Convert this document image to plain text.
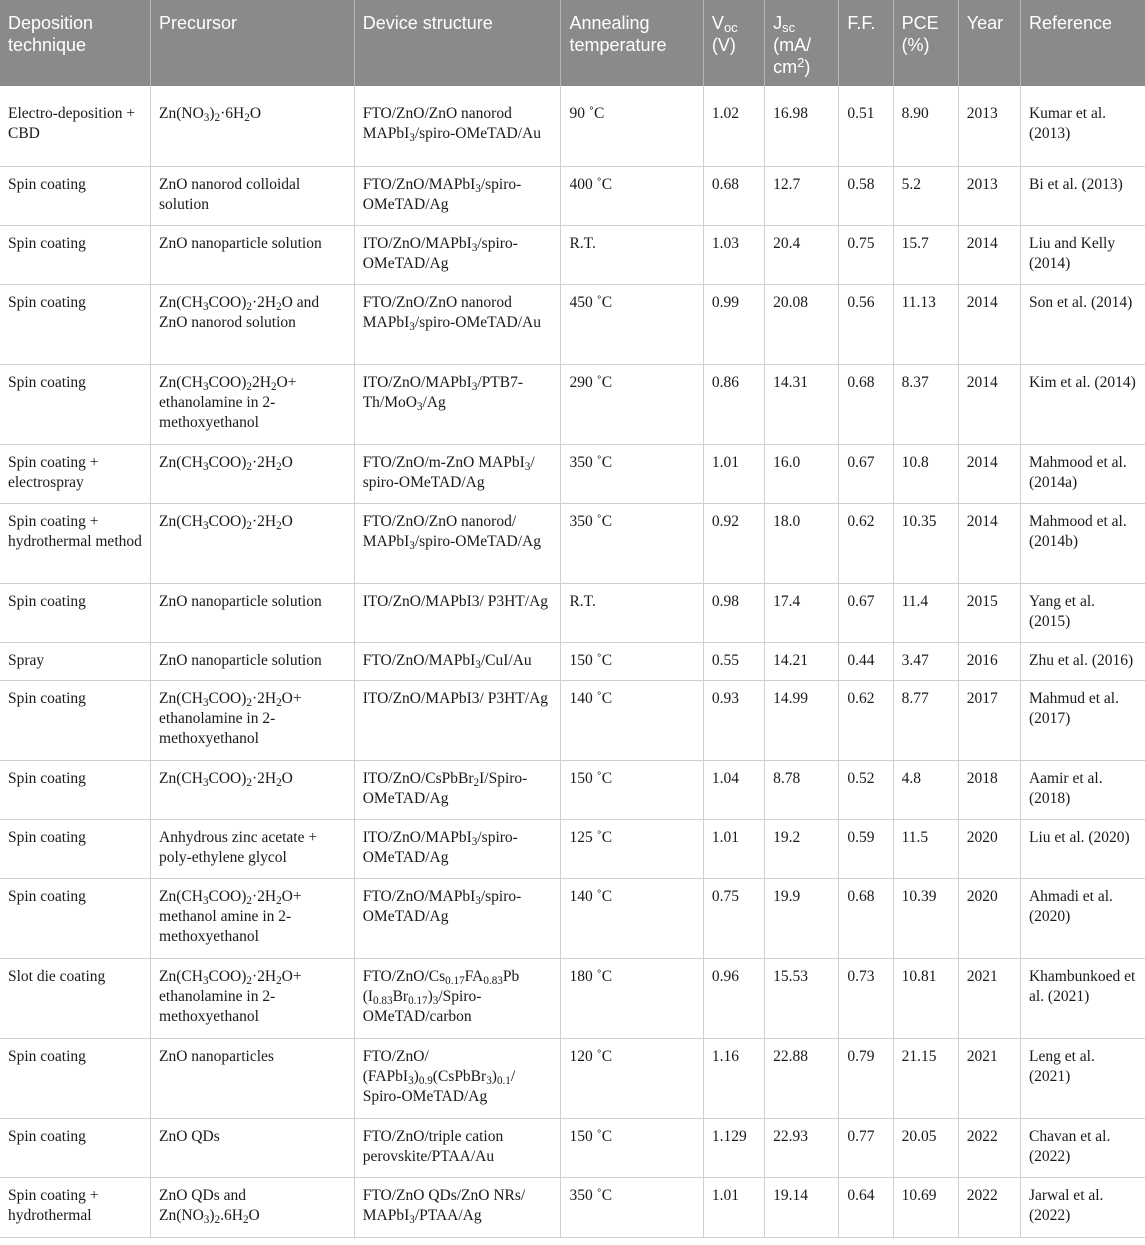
Deposition technique	Precursor	Device structure	Annealing temperature	$V_{oc}$ (V)	$J_{sc}$ (mA/ $cm^2$)	F.F.	PCE (%)	Year	Reference
Electro-deposition + CBD	$Zn(NO_3)_2\cdot 6H_2O$	FTO/ZnO/ZnO nanorod MAPbI$_3$/spiro-OMeTAD/Au	90 ˚C	1.02	16.98	0.51	8.90	2013	Kumar et al. (2013)
Spin coating	ZnO nanorod colloidal solution	FTO/ZnO/MAPbI$_3$/spiro-OMeTAD/Ag	400 ˚C	0.68	12.7	0.58	5.2	2013	Bi et al. (2013)
Spin coating	ZnO nanoparticle solution	ITO/ZnO/MAPbI$_3$/spiro-OMeTAD/Ag	R.T.	1.03	20.4	0.75	15.7	2014	Liu and Kelly (2014)
Spin coating	$Zn(CH_3COO)_2\cdot 2H_2O$ and ZnO nanorod solution	FTO/ZnO/ZnO nanorod MAPbI$_3$/spiro-OMeTAD/Au	450 ˚C	0.99	20.08	0.56	11.13	2014	Son et al. (2014)
Spin coating	$Zn(CH_3COO)_22H_2O+$ ethanolamine in 2-methoxyethanol	ITO/ZnO/MAPbI$_3$/PTB7-Th/MoO$_3$/Ag	290 ˚C	0.86	14.31	0.68	8.37	2014	Kim et al. (2014)
Spin coating + electrospray	$Zn(CH_3COO)_2\cdot 2H_2O$	FTO/ZnO/m-ZnO MAPbI$_3$/ spiro-OMeTAD/Ag	350 ˚C	1.01	16.0	0.67	10.8	2014	Mahmood et al. (2014a)
Spin coating + hydrothermal method	$Zn(CH_3COO)_2\cdot 2H_2O$	FTO/ZnO/ZnO nanorod/ MAPbI$_3$/spiro-OMeTAD/Ag	350 ˚C	0.92	18.0	0.62	10.35	2014	Mahmood et al. (2014b)
Spin coating	ZnO nanoparticle solution	ITO/ZnO/MAPbI3/ P3HT/Ag	R.T.	0.98	17.4	0.67	11.4	2015	Yang et al. (2015)
Spray	ZnO nanoparticle solution	FTO/ZnO/MAPbI$_3$/CuI/Au	150 ˚C	0.55	14.21	0.44	3.47	2016	Zhu et al. (2016)
Spin coating	$Zn(CH_3COO)_2\cdot 2H_2O+$ ethanolamine in 2-methoxyethanol	ITO/ZnO/MAPbI3/ P3HT/Ag	140 ˚C	0.93	14.99	0.62	8.77	2017	Mahmud et al. (2017)
Spin coating	$Zn(CH_3COO)_2\cdot 2H_2O$	ITO/ZnO/CsPbBr$_2$I/Spiro-OMeTAD/Ag	150 ˚C	1.04	8.78	0.52	4.8	2018	Aamir et al. (2018)
Spin coating	Anhydrous zinc acetate + poly-ethylene glycol	ITO/ZnO/MAPbI$_3$/spiro-OMeTAD/Ag	125 ˚C	1.01	19.2	0.59	11.5	2020	Liu et al. (2020)
Spin coating	$Zn(CH_3COO)_2\cdot 2H_2O+$ methanol amine in 2-methoxyethanol	FTO/ZnO/MAPbI$_3$/spiro-OMeTAD/Ag	140 ˚C	0.75	19.9	0.68	10.39	2020	Ahmadi et al. (2020)
Slot die coating	$Zn(CH_3COO)_2\cdot 2H_2O+$ ethanolamine in 2-methoxyethanol	FTO/$ZnO/Cs_{0.17}FA_{0.83}Pb$ $(I_{0.83}Br_{0.17})_3/Spiro-OMeTAD$/carbon	180 ˚C	0.96	15.53	0.73	10.81	2021	Khambunkoed et al. (2021)
Spin coating	ZnO nanoparticles	FTO/ZnO/ $(FAPbI_3)_{0.9}(CsPbBr_3)_{0.1}/$ Spiro-OMeTAD/Ag	120 ˚C	1.16	22.88	0.79	21.15	2021	Leng et al. (2021)
Spin coating	ZnO QDs	FTO/ZnO/triple cation perovskite/PTAA/Au	150 ˚C	1.129	22.93	0.77	20.05	2022	Chavan et al. (2022)
Spin coating + hydrothermal	ZnO QDs and $Zn(NO_3)_2.6H_2O$	FTO/ZnO QDs/ZnO NRs/ MAPbI$_3$/PTAA/Ag	350 ˚C	1.01	19.14	0.64	10.69	2022	Jarwal et al. (2022)
